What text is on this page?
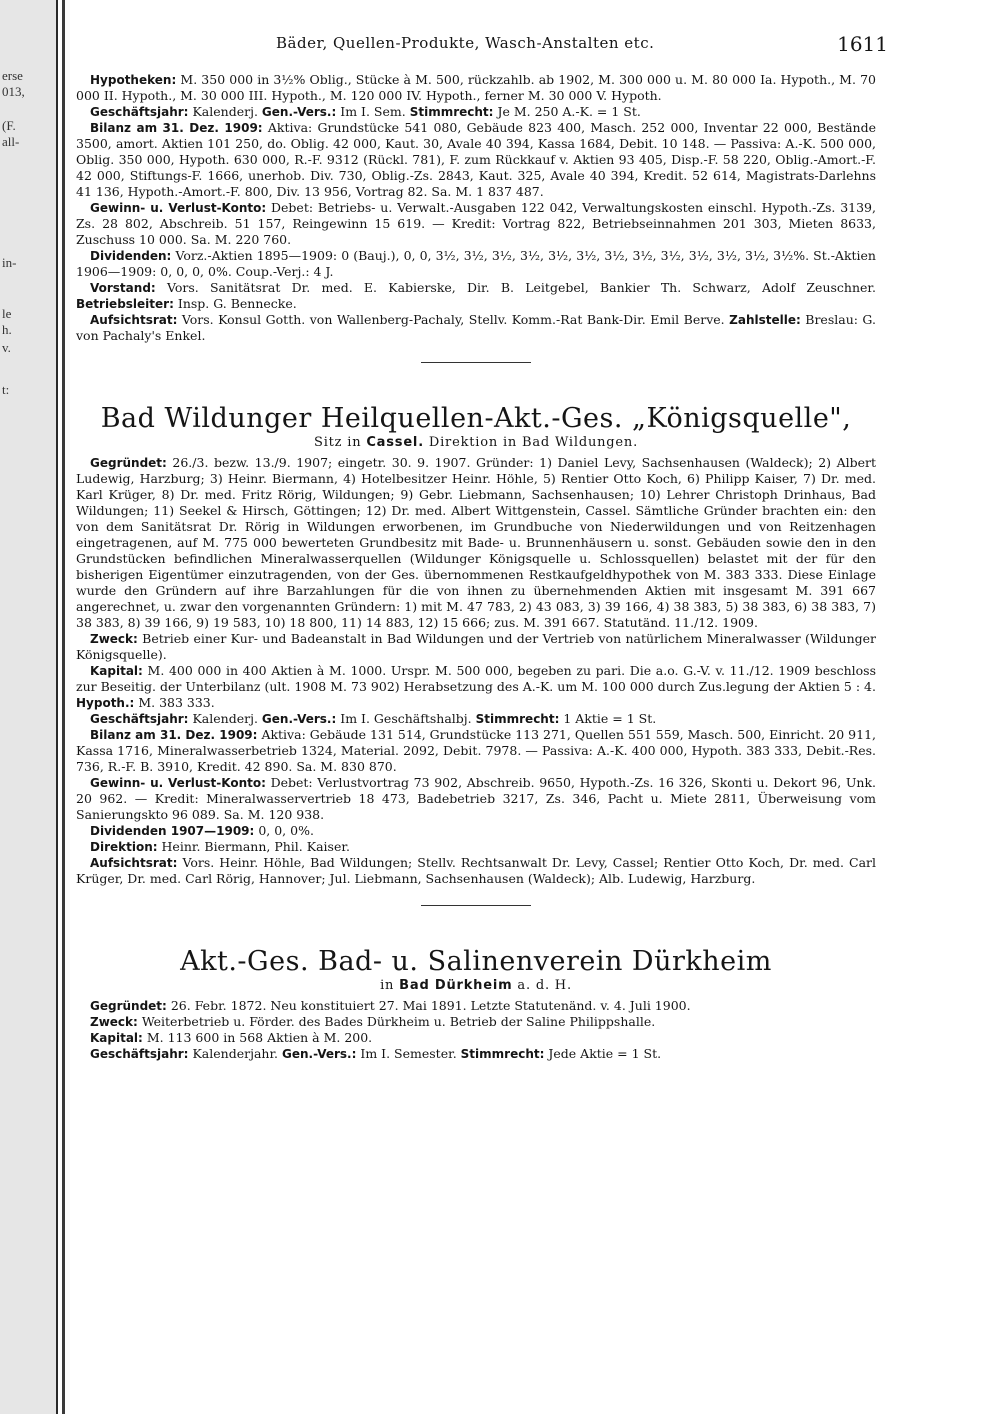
erse
013,
(F.
all-
in-
le
h.
v.
t:
Bäder, Quellen-Produkte, Wasch-Anstalten etc.	1611

Hypotheken: M. 350 000 in 3½% Oblig., Stücke à M. 500, rückzahlb. ab 1902, M. 300 000 u. M. 80 000 Ia. Hypoth., M. 70 000 II. Hypoth., M. 30 000 III. Hypoth., M. 120 000 IV. Hypoth., ferner M. 30 000 V. Hypoth.

Geschäftsjahr: Kalenderj. Gen.-Vers.: Im I. Sem. Stimmrecht: Je M. 250 A.-K. = 1 St.

Bilanz am 31. Dez. 1909: Aktiva: Grundstücke 541 080, Gebäude 823 400, Masch. 252 000, Inventar 22 000, Bestände 3500, amort. Aktien 101 250, do. Oblig. 42 000, Kaut. 30, Avale 40 394, Kassa 1684, Debit. 10 148. — Passiva: A.-K. 500 000, Oblig. 350 000, Hypoth. 630 000, R.-F. 9312 (Rückl. 781), F. zum Rückkauf v. Aktien 93 405, Disp.-F. 58 220, Oblig.-Amort.-F. 42 000, Stiftungs-F. 1666, unerhob. Div. 730, Oblig.-Zs. 2843, Kaut. 325, Avale 40 394, Kredit. 52 614, Magistrats-Darlehns 41 136, Hypoth.-Amort.-F. 800, Div. 13 956, Vortrag 82. Sa. M. 1 837 487.

Gewinn- u. Verlust-Konto: Debet: Betriebs- u. Verwalt.-Ausgaben 122 042, Verwaltungskosten einschl. Hypoth.-Zs. 3139, Zs. 28 802, Abschreib. 51 157, Reingewinn 15 619. — Kredit: Vortrag 822, Betriebseinnahmen 201 303, Mieten 8633, Zuschuss 10 000. Sa. M. 220 760.

Dividenden: Vorz.-Aktien 1895—1909: 0 (Bauj.), 0, 0, 3½, 3½, 3½, 3½, 3½, 3½, 3½, 3½, 3½, 3½, 3½, 3½, 3½%. St.-Aktien 1906—1909: 0, 0, 0, 0%. Coup.-Verj.: 4 J.

Vorstand: Vors. Sanitätsrat Dr. med. E. Kabierske, Dir. B. Leitgebel, Bankier Th. Schwarz, Adolf Zeuschner. Betriebsleiter: Insp. G. Bennecke.

Aufsichtsrat: Vors. Konsul Gotth. von Wallenberg-Pachaly, Stellv. Komm.-Rat Bank-Dir. Emil Berve. Zahlstelle: Breslau: G. von Pachaly's Enkel.

Bad Wildunger Heilquellen-Akt.-Ges. „Königsquelle",
Sitz in Cassel. Direktion in Bad Wildungen.

Gegründet: 26./3. bezw. 13./9. 1907; eingetr. 30. 9. 1907. Gründer: 1) Daniel Levy, Sachsenhausen (Waldeck); 2) Albert Ludewig, Harzburg; 3) Heinr. Biermann, 4) Hotelbesitzer Heinr. Höhle, 5) Rentier Otto Koch, 6) Philipp Kaiser, 7) Dr. med. Karl Krüger, 8) Dr. med. Fritz Rörig, Wildungen; 9) Gebr. Liebmann, Sachsenhausen; 10) Lehrer Christoph Drinhaus, Bad Wildungen; 11) Seekel & Hirsch, Göttingen; 12) Dr. med. Albert Wittgenstein, Cassel. Sämtliche Gründer brachten ein: den von dem Sanitätsrat Dr. Rörig in Wildungen erworbenen, im Grundbuche von Niederwildungen und von Reitzenhagen eingetragenen, auf M. 775 000 bewerteten Grundbesitz mit Bade- u. Brunnenhäusern u. sonst. Gebäuden sowie den in den Grundstücken befindlichen Mineralwasserquellen (Wildunger Königsquelle u. Schlossquellen) belastet mit der für den bisherigen Eigentümer einzutragenden, von der Ges. übernommenen Restkaufgeldhypothek von M. 383 333. Diese Einlage wurde den Gründern auf ihre Barzahlungen für die von ihnen zu übernehmenden Aktien mit insgesamt M. 391 667 angerechnet, u. zwar den vorgenannten Gründern: 1) mit M. 47 783, 2) 43 083, 3) 39 166, 4) 38 383, 5) 38 383, 6) 38 383, 7) 38 383, 8) 39 166, 9) 19 583, 10) 18 800, 11) 14 883, 12) 15 666; zus. M. 391 667. Statutänd. 11./12. 1909.

Zweck: Betrieb einer Kur- und Badeanstalt in Bad Wildungen und der Vertrieb von natürlichem Mineralwasser (Wildunger Königsquelle).

Kapital: M. 400 000 in 400 Aktien à M. 1000. Urspr. M. 500 000, begeben zu pari. Die a.o. G.-V. v. 11./12. 1909 beschloss zur Beseitig. der Unterbilanz (ult. 1908 M. 73 902) Herabsetzung des A.-K. um M. 100 000 durch Zus.legung der Aktien 5 : 4. Hypoth.: M. 383 333.

Geschäftsjahr: Kalenderj. Gen.-Vers.: Im I. Geschäftshalbj. Stimmrecht: 1 Aktie = 1 St.

Bilanz am 31. Dez. 1909: Aktiva: Gebäude 131 514, Grundstücke 113 271, Quellen 551 559, Masch. 500, Einricht. 20 911, Kassa 1716, Mineralwasserbetrieb 1324, Material. 2092, Debit. 7978. — Passiva: A.-K. 400 000, Hypoth. 383 333, Debit.-Res. 736, R.-F. B. 3910, Kredit. 42 890. Sa. M. 830 870.

Gewinn- u. Verlust-Konto: Debet: Verlustvortrag 73 902, Abschreib. 9650, Hypoth.-Zs. 16 326, Skonti u. Dekort 96, Unk. 20 962. — Kredit: Mineralwasservertrieb 18 473, Badebetrieb 3217, Zs. 346, Pacht u. Miete 2811, Überweisung vom Sanierungskto 96 089. Sa. M. 120 938.

Dividenden 1907—1909: 0, 0, 0%.

Direktion: Heinr. Biermann, Phil. Kaiser.

Aufsichtsrat: Vors. Heinr. Höhle, Bad Wildungen; Stellv. Rechtsanwalt Dr. Levy, Cassel; Rentier Otto Koch, Dr. med. Carl Krüger, Dr. med. Carl Rörig, Hannover; Jul. Liebmann, Sachsenhausen (Waldeck); Alb. Ludewig, Harzburg.

Akt.-Ges. Bad- u. Salinenverein Dürkheim
in Bad Dürkheim a. d. H.

Gegründet: 26. Febr. 1872. Neu konstituiert 27. Mai 1891. Letzte Statutenänd. v. 4. Juli 1900.

Zweck: Weiterbetrieb u. Förder. des Bades Dürkheim u. Betrieb der Saline Philippshalle.

Kapital: M. 113 600 in 568 Aktien à M. 200.

Geschäftsjahr: Kalenderjahr. Gen.-Vers.: Im I. Semester. Stimmrecht: Jede Aktie = 1 St.
